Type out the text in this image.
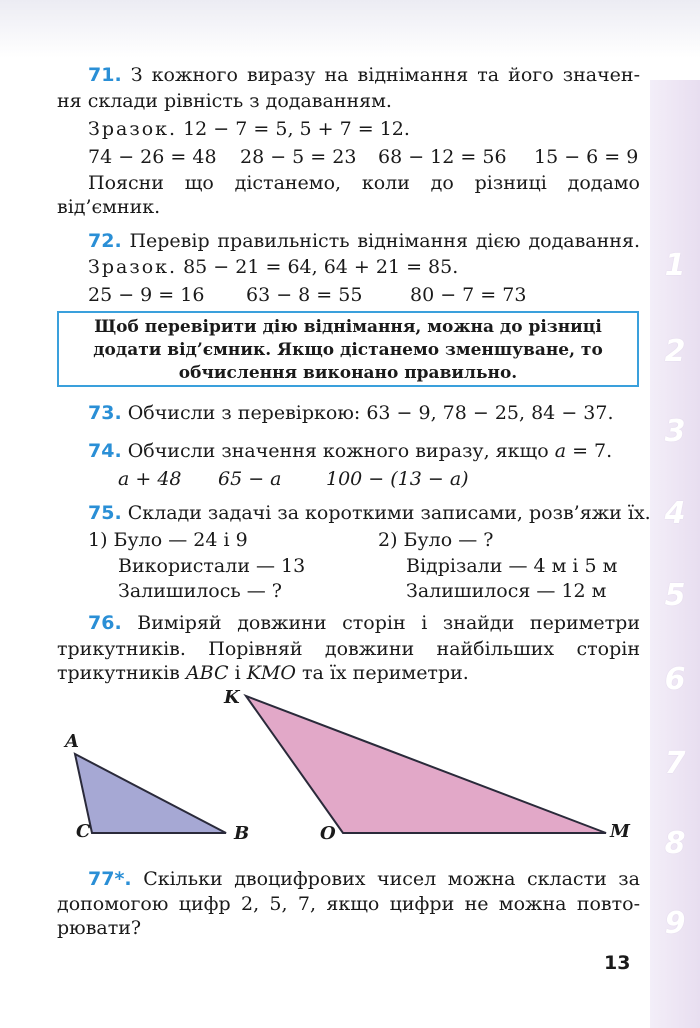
1
2
3
4
5
6
7
8
9
71. З кожного виразу на віднімання та його значен-
ня склади рівність з додаванням.
Зразок. 12 − 7 = 5, 5 + 7 = 12.
74 − 26 = 48 28 − 5 = 23 68 − 12 = 56 15 − 6 = 9
Поясни що дістанемо, коли до різниці додамо
від’ємник.
72. Перевір правильність віднімання дією додавання.
Зразок. 85 − 21 = 64, 64 + 21 = 85.
25 − 9 = 16 63 − 8 = 55	80 − 7 = 73
Щоб перевірити дію віднімання, можна до різниці
додати від’ємник. Якщо дістанемо зменшуване, то
обчислення виконано правильно.
73. Обчисли з перевіркою: 63 − 9, 78 − 25, 84 − 37.
74. Обчисли значення кожного виразу, якщо a = 7.
a + 48 65 − a 100 − (13 − a)
75. Склади задачі за короткими записами, розв’яжи їх.
1) Було — 24 і 9
Використали — 13
Залишилось — ?
2) Було — ?
Відрізали — 4 м і 5 м
Залишилося — 12 м
76. Виміряй довжини сторін і знайди периметри
трикутників. Порівняй довжини найбільших сторін
трикутників ABC і KMO та їх периметри.
A
C	B
K
O	M
77*. Скільки двоцифрових чисел можна скласти за
допомогою цифр 2, 5, 7, якщо цифри не можна повто-
рювати?
13
